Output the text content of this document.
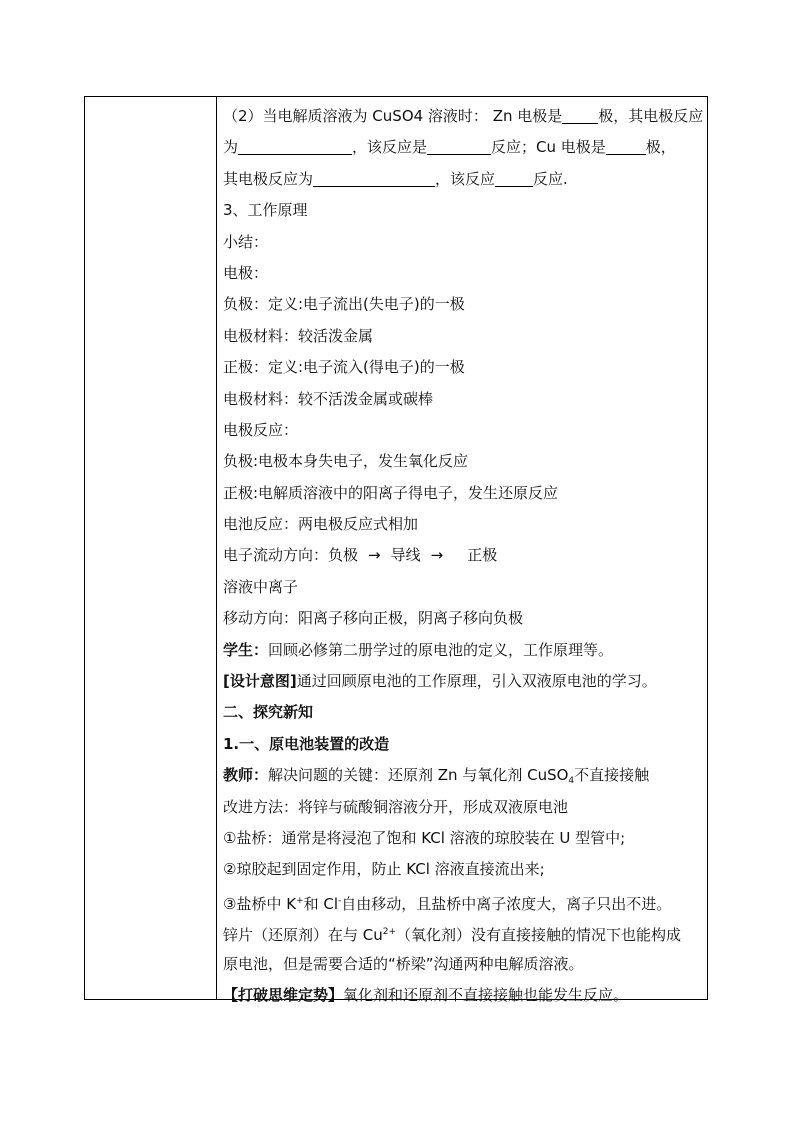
（2）当电解质溶液为 CuSO4 溶液时： Zn 电极是 极，其电极反应
为	，该反应是	反应；Cu 电极是	极，
其电极反应为	，该反应	反应.
3、工作原理
小结：
电极：
负极：定义:电子流出(失电子)的一极
电极材料：较活泼金属
正极：定义:电子流入(得电子)的一极
电极材料：较不活泼金属或碳棒
电极反应：
负极:电极本身失电子，发生氧化反应
正极:电解质溶液中的阳离子得电子，发生还原反应
电池反应：两电极反应式相加
电子流动方向：负极 → 导线 → 正极
溶液中离子
移动方向：阳离子移向正极，阴离子移向负极
学生：回顾必修第二册学过的原电池的定义，工作原理等。
[设计意图]通过回顾原电池的工作原理，引入双液原电池的学习。
二、探究新知
1.一、原电池装置的改造
教师：解决问题的关键：还原剂 Zn 与氧化剂 CuSO$_4$不直接接触
改进方法：将锌与硫酸铜溶液分开，形成双液原电池
①盐桥：通常是将浸泡了饱和 KCl 溶液的琼胶装在 U 型管中;
②琼胶起到固定作用，防止 KCl 溶液直接流出来;
③盐桥中 K+和 Cl-自由移动，且盐桥中离子浓度大，离子只出不进。
锌片（还原剂）在与 $Cu^{2+}$（氧化剂）没有直接接触的情况下也能构成
原电池，但是需要合适的“桥梁”沟通两种电解质溶液。
【打破思维定势】氧化剂和还原剂不直接接触也能发生反应。
